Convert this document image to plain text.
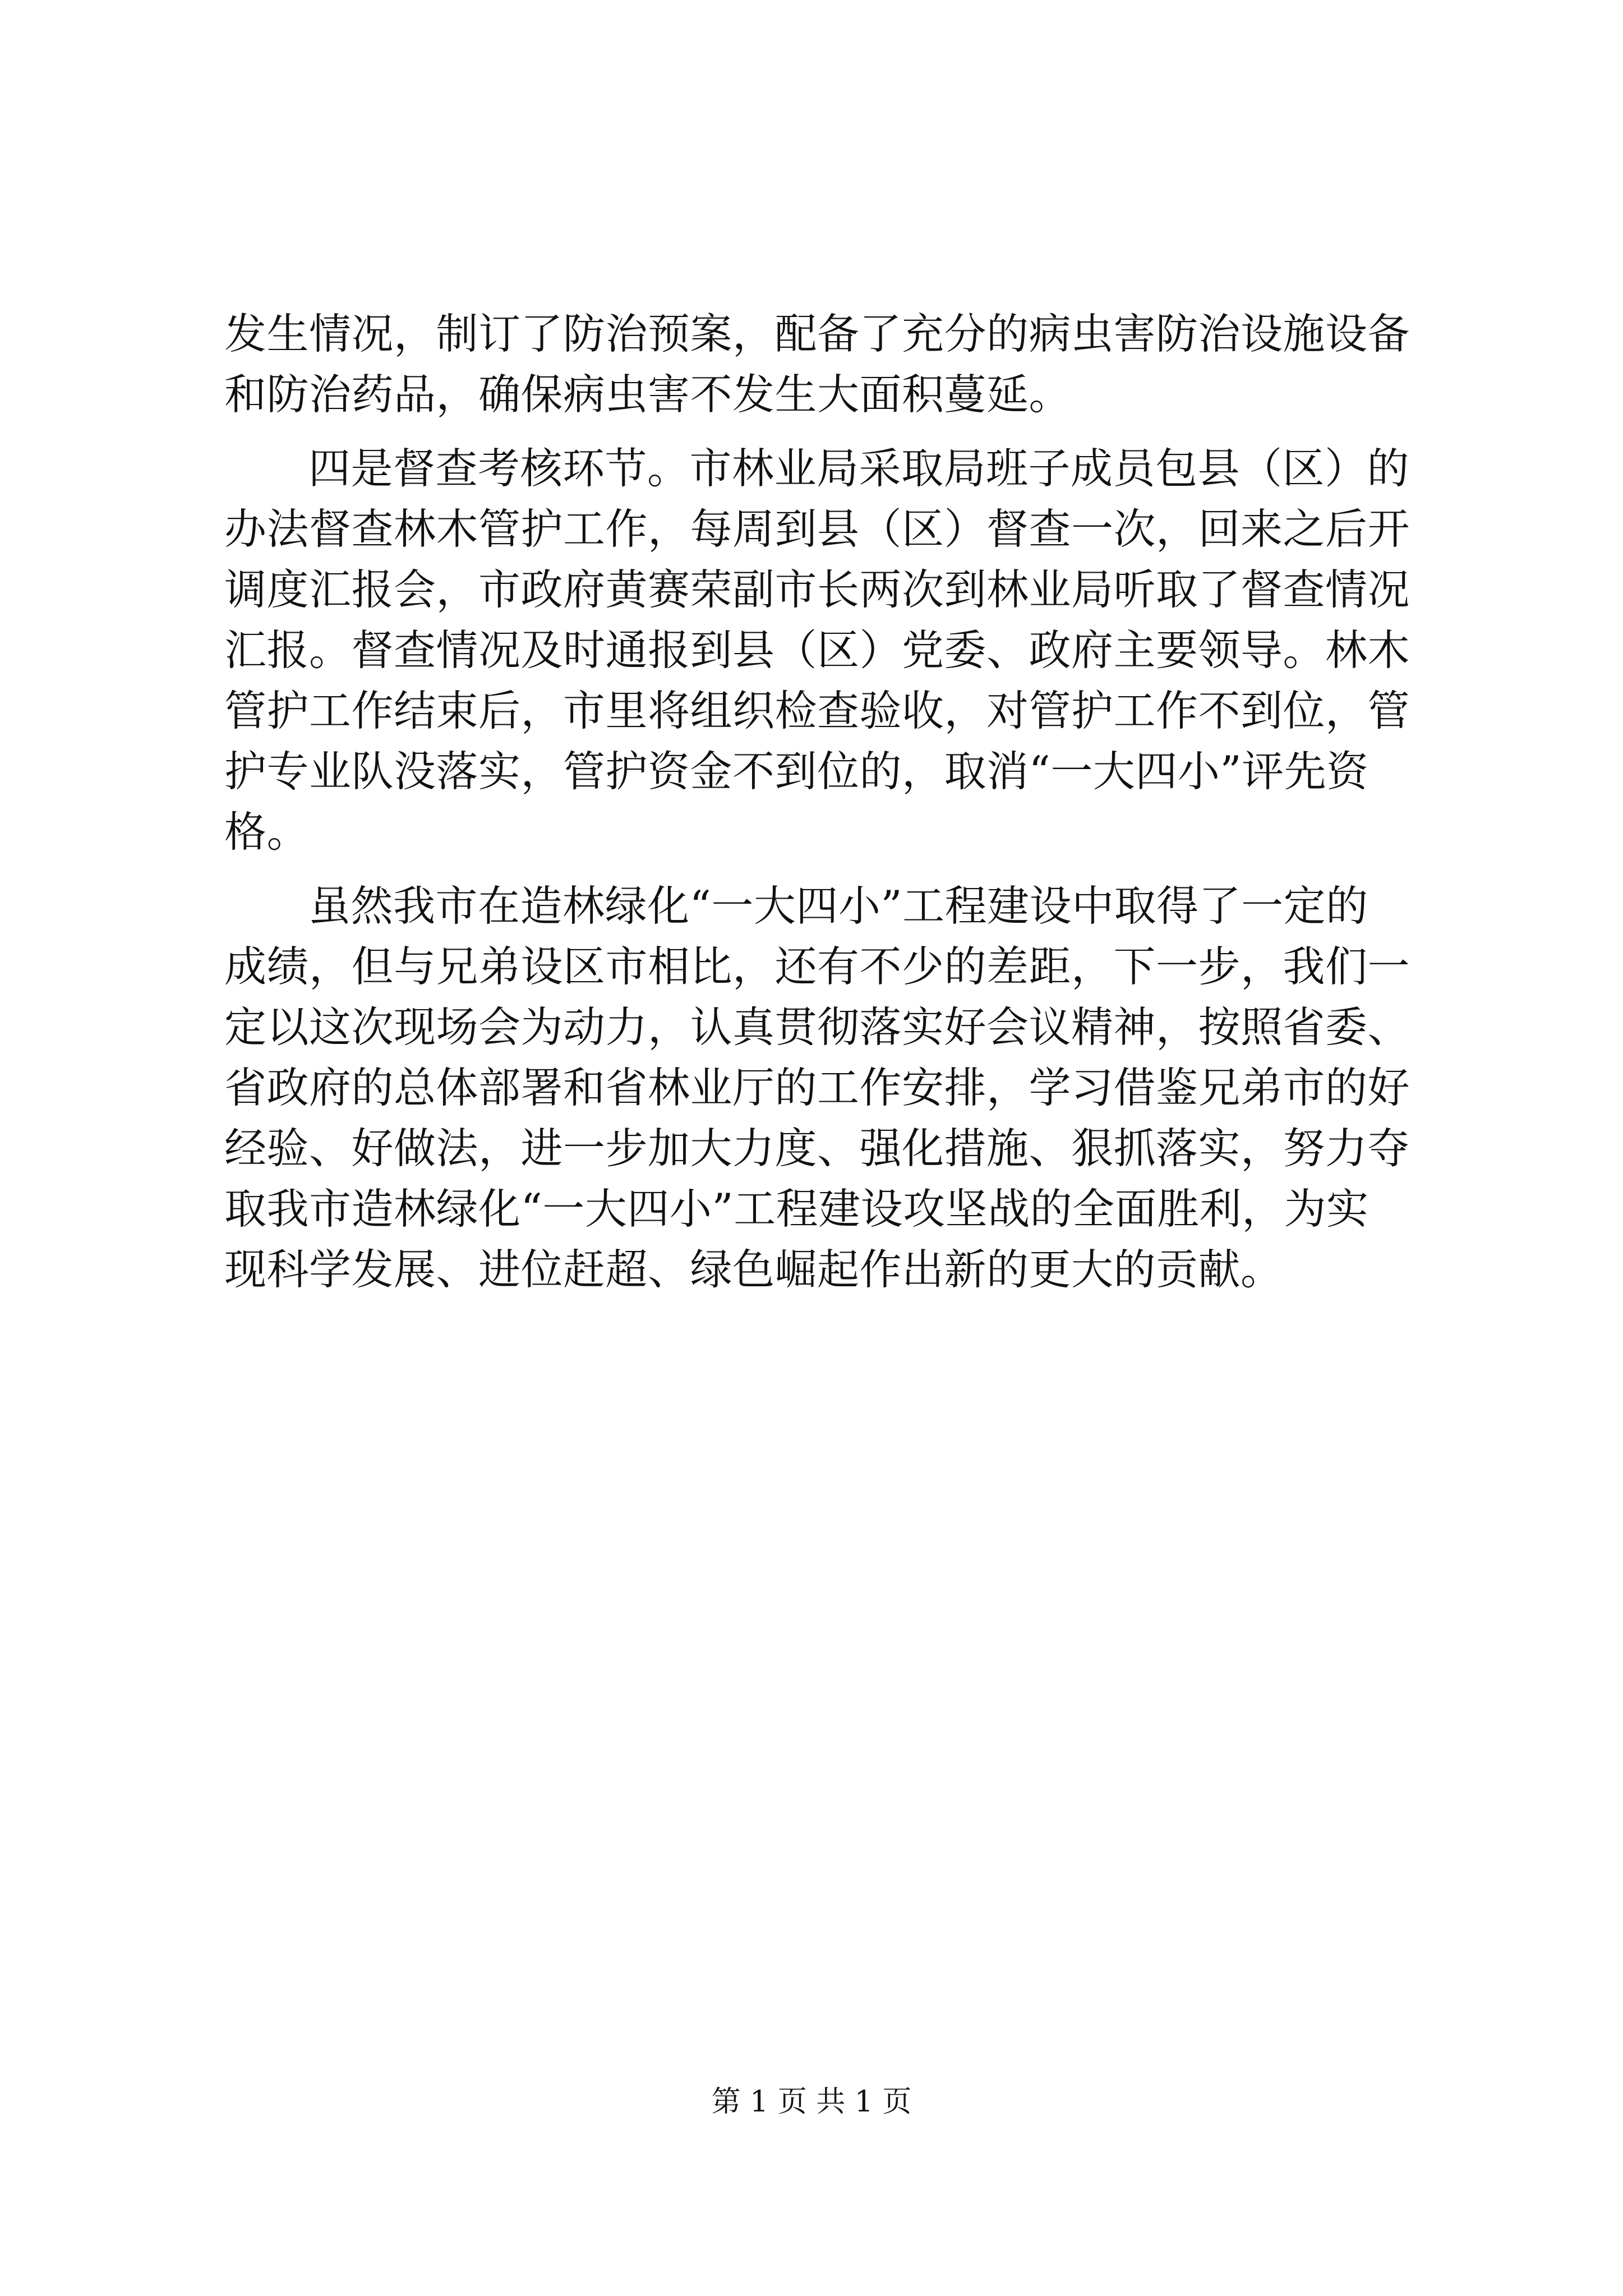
发生情况，制订了防治预案，配备了充分的病虫害防治设施设备
和防治药品，确保病虫害不发生大面积蔓延。
四是督查考核环节。市林业局采取局班子成员包县（区）的
办法督查林木管护工作，每周到县（区）督查一次，回来之后开
调度汇报会，市政府黄赛荣副市长两次到林业局听取了督查情况
汇报。督查情况及时通报到县（区）党委、政府主要领导。林木
管护工作结束后，市里将组织检查验收，对管护工作不到位，管
护专业队没落实，管护资金不到位的，取消“一大四小”评先资
格。
虽然我市在造林绿化“一大四小”工程建设中取得了一定的
成绩，但与兄弟设区市相比，还有不少的差距，下一步，我们一
定以这次现场会为动力，认真贯彻落实好会议精神，按照省委、
省政府的总体部署和省林业厅的工作安排，学习借鉴兄弟市的好
经验、好做法，进一步加大力度、强化措施、狠抓落实，努力夺
取我市造林绿化“一大四小”工程建设攻坚战的全面胜利，为实
现科学发展、进位赶超、绿色崛起作出新的更大的贡献。
第 1 页 共 1 页
